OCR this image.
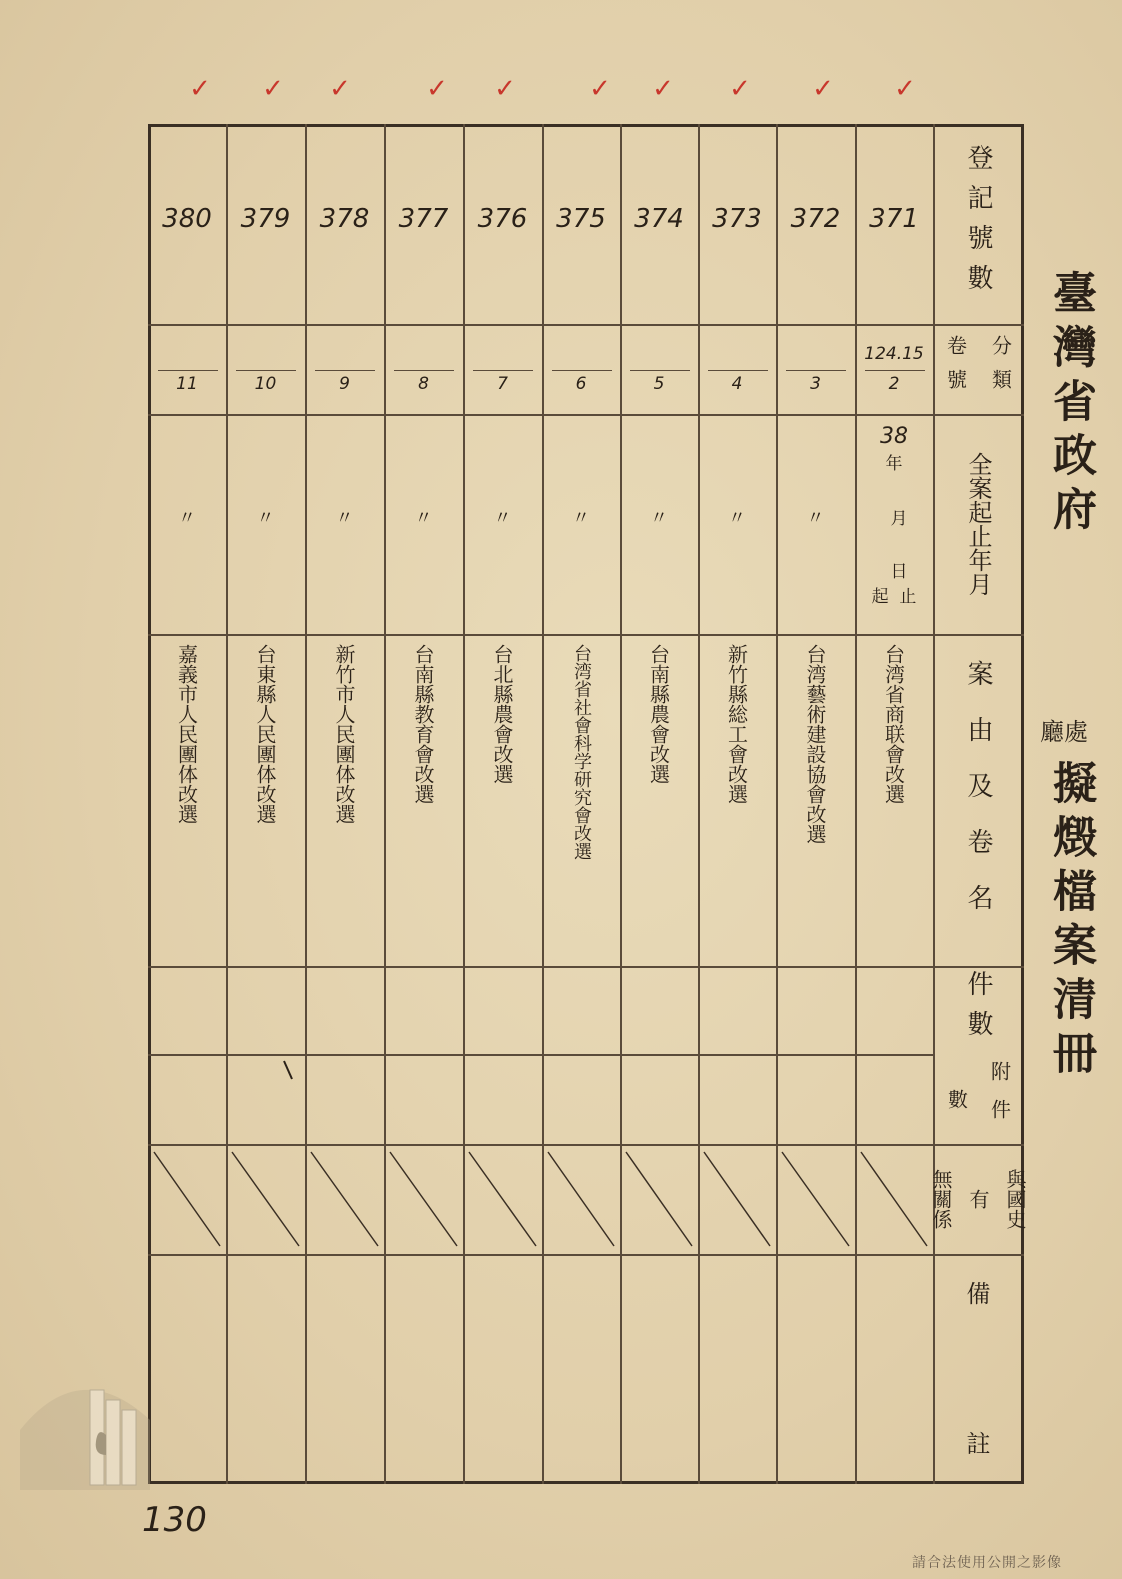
✓
✓
✓
✓
✓
✓
✓
✓
✓
✓
臺灣省政府
廳處
擬燬檔案清冊
登記號數
卷號 分類
全案起止年月
案由及卷名
件數
數 附件
無關係
有
與國史
備
註
371
124.15
2
38
年
月
日
起 止
台湾省商联會改選
372
3
〃
台湾藝術建設協會改選
373
4
〃
新竹縣総工會改選
374
5
〃
台南縣農會改選
375
6
〃
台湾省社會科学研究會改選
376
7
〃
台北縣農會改選
377
8
〃
台南縣教育會改選
378
9
〃
新竹市人民團体改選
379
10
〃
台東縣人民團体改選
380
11
〃
嘉義市人民團体改選
130
請合法使用公開之影像
